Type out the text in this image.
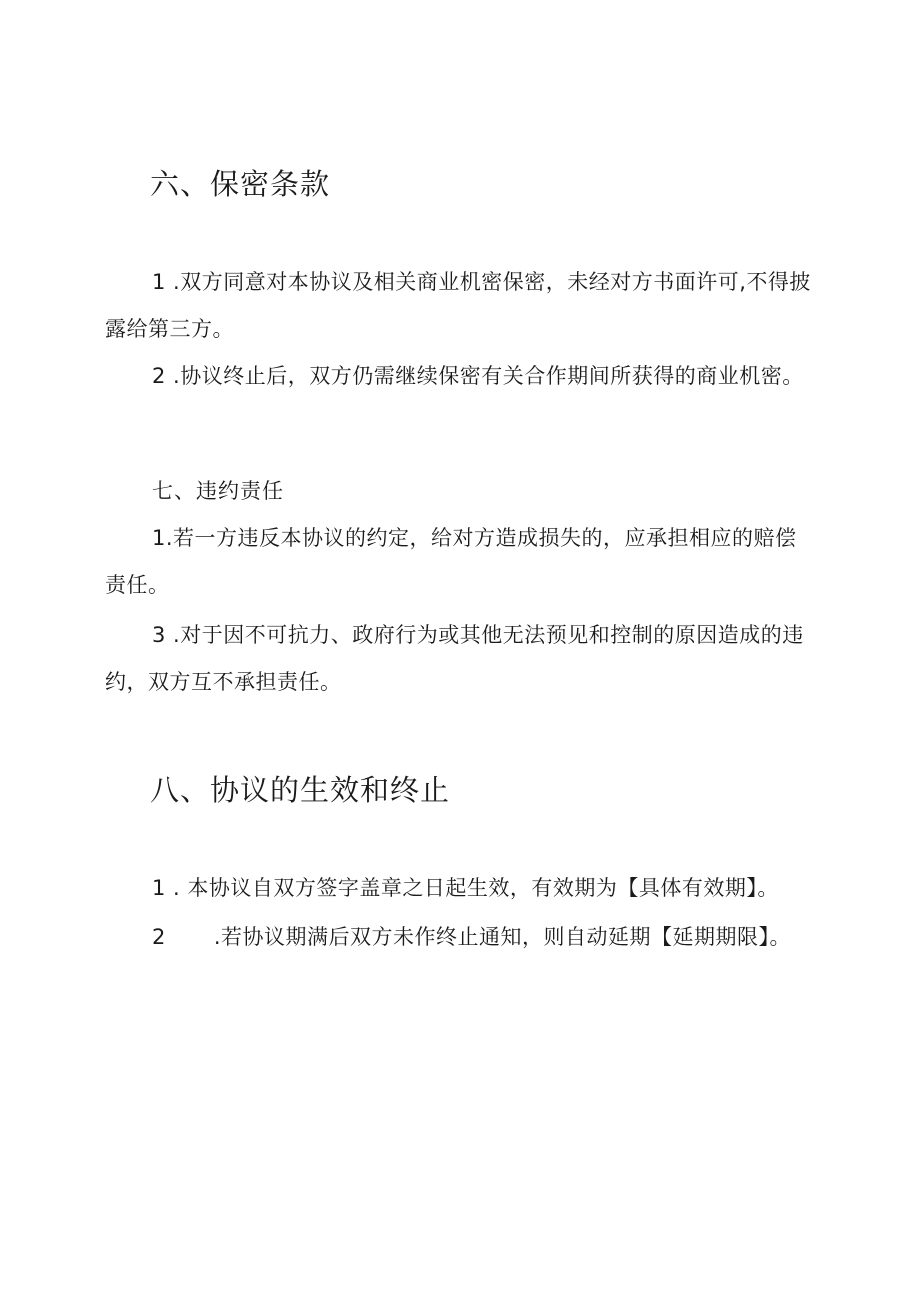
六、保密条款
1 .双方同意对本协议及相关商业机密保密，未经对方书面许可,不得披
露给第三方。
2 .协议终止后，双方仍需继续保密有关合作期间所获得的商业机密。
七、违约责任
1.若一方违反本协议的约定，给对方造成损失的，应承担相应的赔偿
责任。
3 .对于因不可抗力、政府行为或其他无法预见和控制的原因造成的违
约，双方互不承担责任。
八、协议的生效和终止
1 . 本协议自双方签字盖章之日起生效，有效期为【具体有效期】。
2 .若协议期满后双方未作终止通知，则自动延期【延期期限】。
